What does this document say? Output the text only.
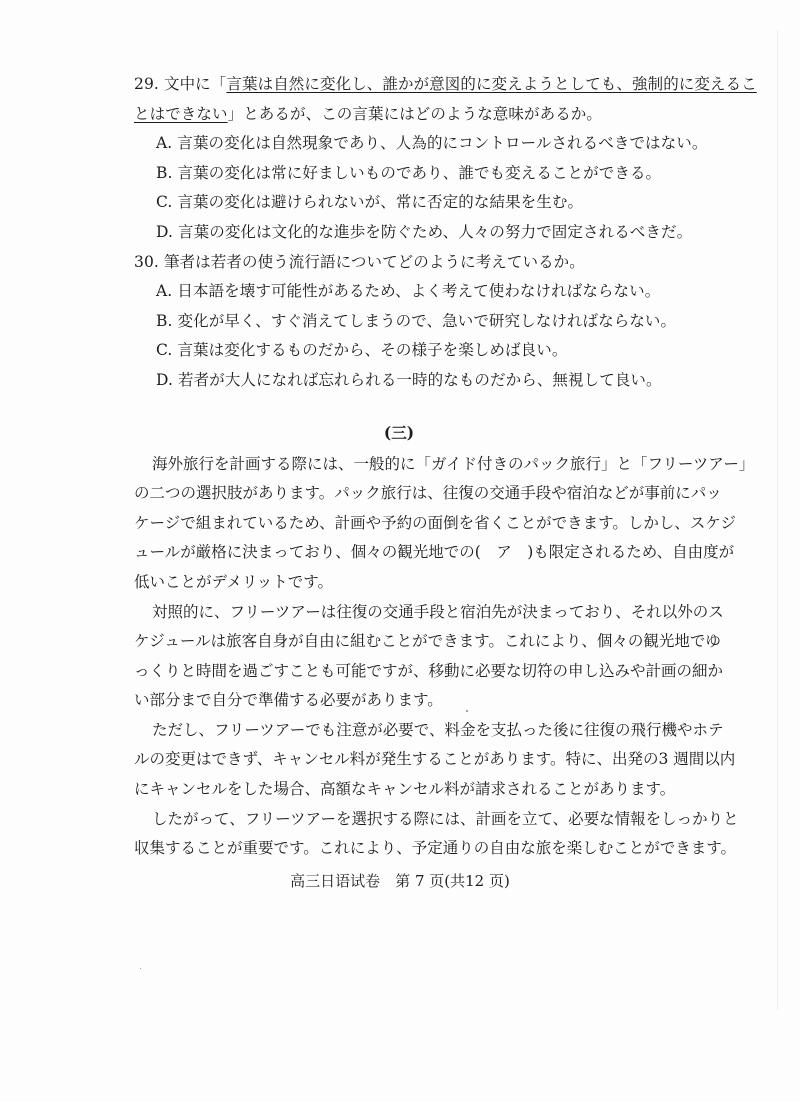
29. 文中に「言葉は自然に変化し、誰かが意図的に変えようとしても、強制的に変えるこ
とはできない」とあるが、この言葉にはどのような意味があるか。
A. 言葉の変化は自然現象であり、人為的にコントロールされるべきではない。
B. 言葉の変化は常に好ましいものであり、誰でも変えることができる。
C. 言葉の変化は避けられないが、常に否定的な結果を生む。
D. 言葉の変化は文化的な進歩を防ぐため、人々の努力で固定されるべきだ。
30. 筆者は若者の使う流行語についてどのように考えているか。
A. 日本語を壊す可能性があるため、よく考えて使わなければならない。
B. 変化が早く、すぐ消えてしまうので、急いで研究しなければならない。
C. 言葉は変化するものだから、その様子を楽しめば良い。
D. 若者が大人になれば忘れられる一時的なものだから、無視して良い。
(三)
海外旅行を計画する際には、一般的に「ガイド付きのパック旅行」と「フリーツアー」
の二つの選択肢があります。パック旅行は、往復の交通手段や宿泊などが事前にパッ
ケージで組まれているため、計画や予約の面倒を省くことができます。しかし、スケジ
ュールが厳格に決まっており、個々の観光地での(　ア　)も限定されるため、自由度が
低いことがデメリットです。
対照的に、フリーツアーは往復の交通手段と宿泊先が決まっており、それ以外のス
ケジュールは旅客自身が自由に組むことができます。これにより、個々の観光地でゆ
っくりと時間を過ごすことも可能ですが、移動に必要な切符の申し込みや計画の細か
い部分まで自分で準備する必要があります。
ただし、フリーツアーでも注意が必要で、料金を支払った後に往復の飛行機やホテ
ルの変更はできず、キャンセル料が発生することがあります。特に、出発の3 週間以内
にキャンセルをした場合、高額なキャンセル料が請求されることがあります。
したがって、フリーツアーを選択する際には、計画を立て、必要な情報をしっかりと
収集することが重要です。これにより、予定通りの自由な旅を楽しむことができます。
高三日语试卷　第 7 页(共12 页)
